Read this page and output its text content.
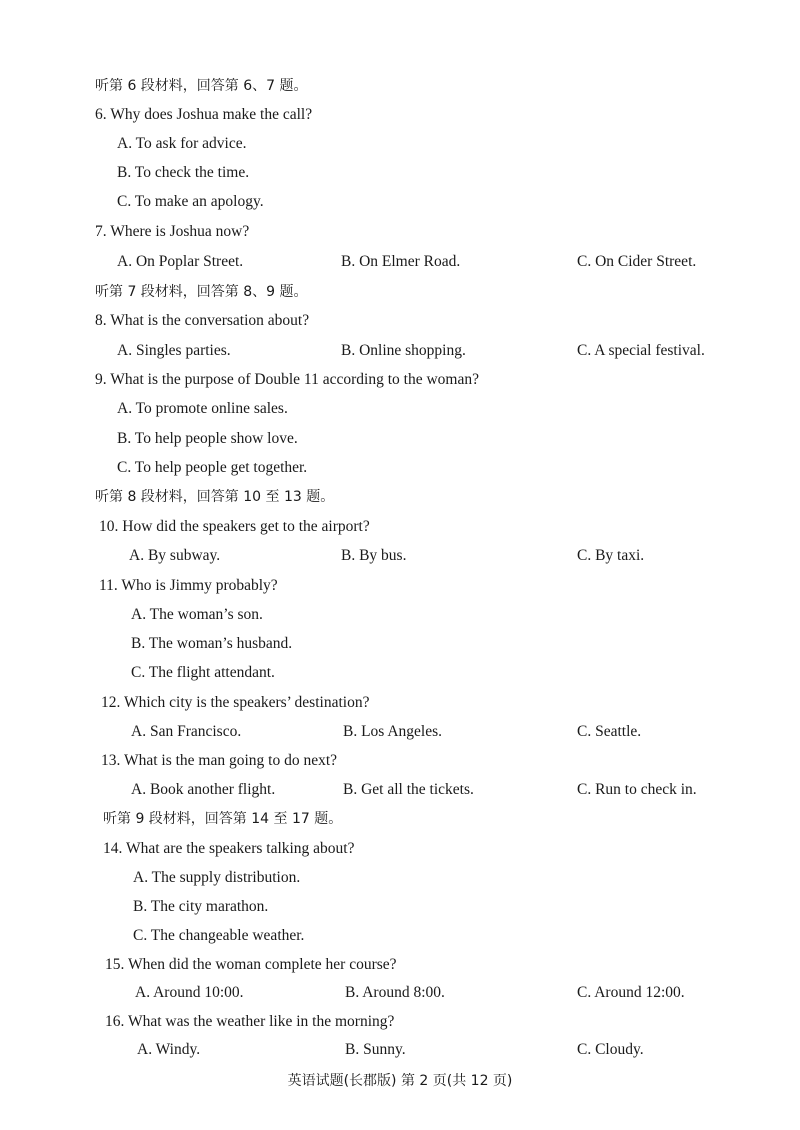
听第 6 段材料，回答第 6、7 题。
6. Why does Joshua make the call?
A. To ask for advice.
B. To check the time.
C. To make an apology.
7. Where is Joshua now?
A. On Poplar Street.	B. On Elmer Road.	C. On Cider Street.
听第 7 段材料，回答第 8、9 题。
8. What is the conversation about?
A. Singles parties.	B. Online shopping.	C. A special festival.
9. What is the purpose of Double 11 according to the woman?
A. To promote online sales.
B. To help people show love.
C. To help people get together.
听第 8 段材料，回答第 10 至 13 题。
10. How did the speakers get to the airport?
A. By subway.	B. By bus.	C. By taxi.
11. Who is Jimmy probably?
A. The woman’s son.
B. The woman’s husband.
C. The flight attendant.
12. Which city is the speakers’ destination?
A. San Francisco.	B. Los Angeles.	C. Seattle.
13. What is the man going to do next?
A. Book another flight.	B. Get all the tickets.	C. Run to check in.
听第 9 段材料，回答第 14 至 17 题。
14. What are the speakers talking about?
A. The supply distribution.
B. The city marathon.
C. The changeable weather.
15. When did the woman complete her course?
A. Around 10:00.	B. Around 8:00.	C. Around 12:00.
16. What was the weather like in the morning?
A. Windy.	B. Sunny.	C. Cloudy.
英语试题(长郡版) 第 2 页(共 12 页)
